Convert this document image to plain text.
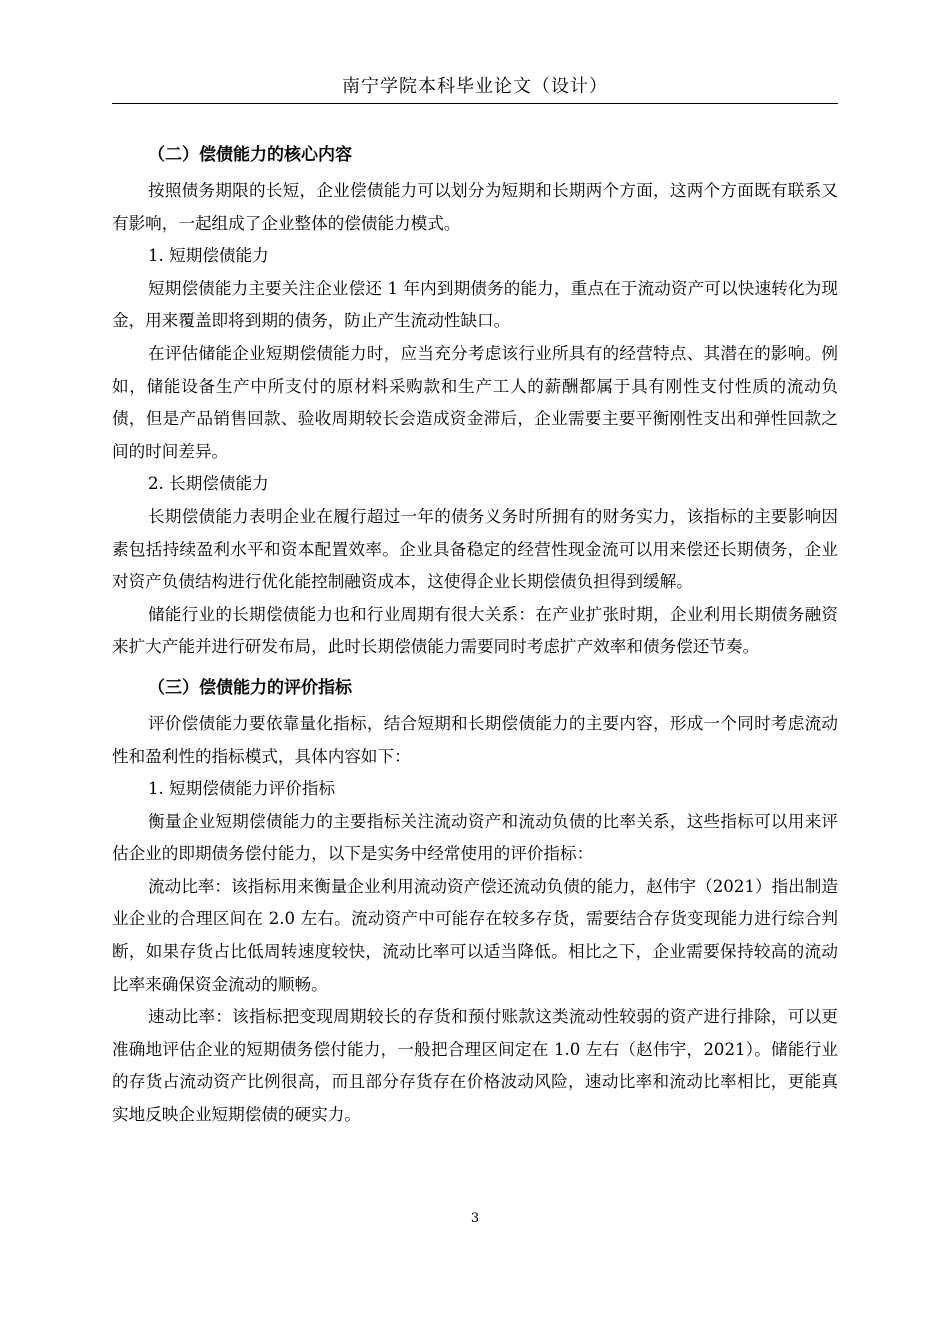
南宁学院本科毕业论文（设计）
（二）偿债能力的核心内容

按照债务期限的长短，企业偿债能力可以划分为短期和长期两个方面，这两个方面既有联系又有影响，一起组成了企业整体的偿债能力模式。

1. 短期偿债能力

短期偿债能力主要关注企业偿还 1 年内到期债务的能力，重点在于流动资产可以快速转化为现金，用来覆盖即将到期的债务，防止产生流动性缺口。

在评估储能企业短期偿债能力时，应当充分考虑该行业所具有的经营特点、其潜在的影响。例如，储能设备生产中所支付的原材料采购款和生产工人的薪酬都属于具有刚性支付性质的流动负债，但是产品销售回款、验收周期较长会造成资金滞后，企业需要主要平衡刚性支出和弹性回款之间的时间差异。

2. 长期偿债能力

长期偿债能力表明企业在履行超过一年的债务义务时所拥有的财务实力，该指标的主要影响因素包括持续盈利水平和资本配置效率。企业具备稳定的经营性现金流可以用来偿还长期债务，企业对资产负债结构进行优化能控制融资成本，这使得企业长期偿债负担得到缓解。

储能行业的长期偿债能力也和行业周期有很大关系：在产业扩张时期，企业利用长期债务融资来扩大产能并进行研发布局，此时长期偿债能力需要同时考虑扩产效率和债务偿还节奏。

（三）偿债能力的评价指标

评价偿债能力要依靠量化指标，结合短期和长期偿债能力的主要内容，形成一个同时考虑流动性和盈利性的指标模式，具体内容如下：

1. 短期偿债能力评价指标

衡量企业短期偿债能力的主要指标关注流动资产和流动负债的比率关系，这些指标可以用来评估企业的即期债务偿付能力，以下是实务中经常使用的评价指标：

流动比率：该指标用来衡量企业利用流动资产偿还流动负债的能力，赵伟宇（2021）指出制造业企业的合理区间在 2.0 左右。流动资产中可能存在较多存货，需要结合存货变现能力进行综合判断，如果存货占比低周转速度较快，流动比率可以适当降低。相比之下，企业需要保持较高的流动比率来确保资金流动的顺畅。

速动比率：该指标把变现周期较长的存货和预付账款这类流动性较弱的资产进行排除，可以更准确地评估企业的短期债务偿付能力，一般把合理区间定在 1.0 左右（赵伟宇，2021）。储能行业的存货占流动资产比例很高，而且部分存货存在价格波动风险，速动比率和流动比率相比，更能真实地反映企业短期偿债的硬实力。

3
